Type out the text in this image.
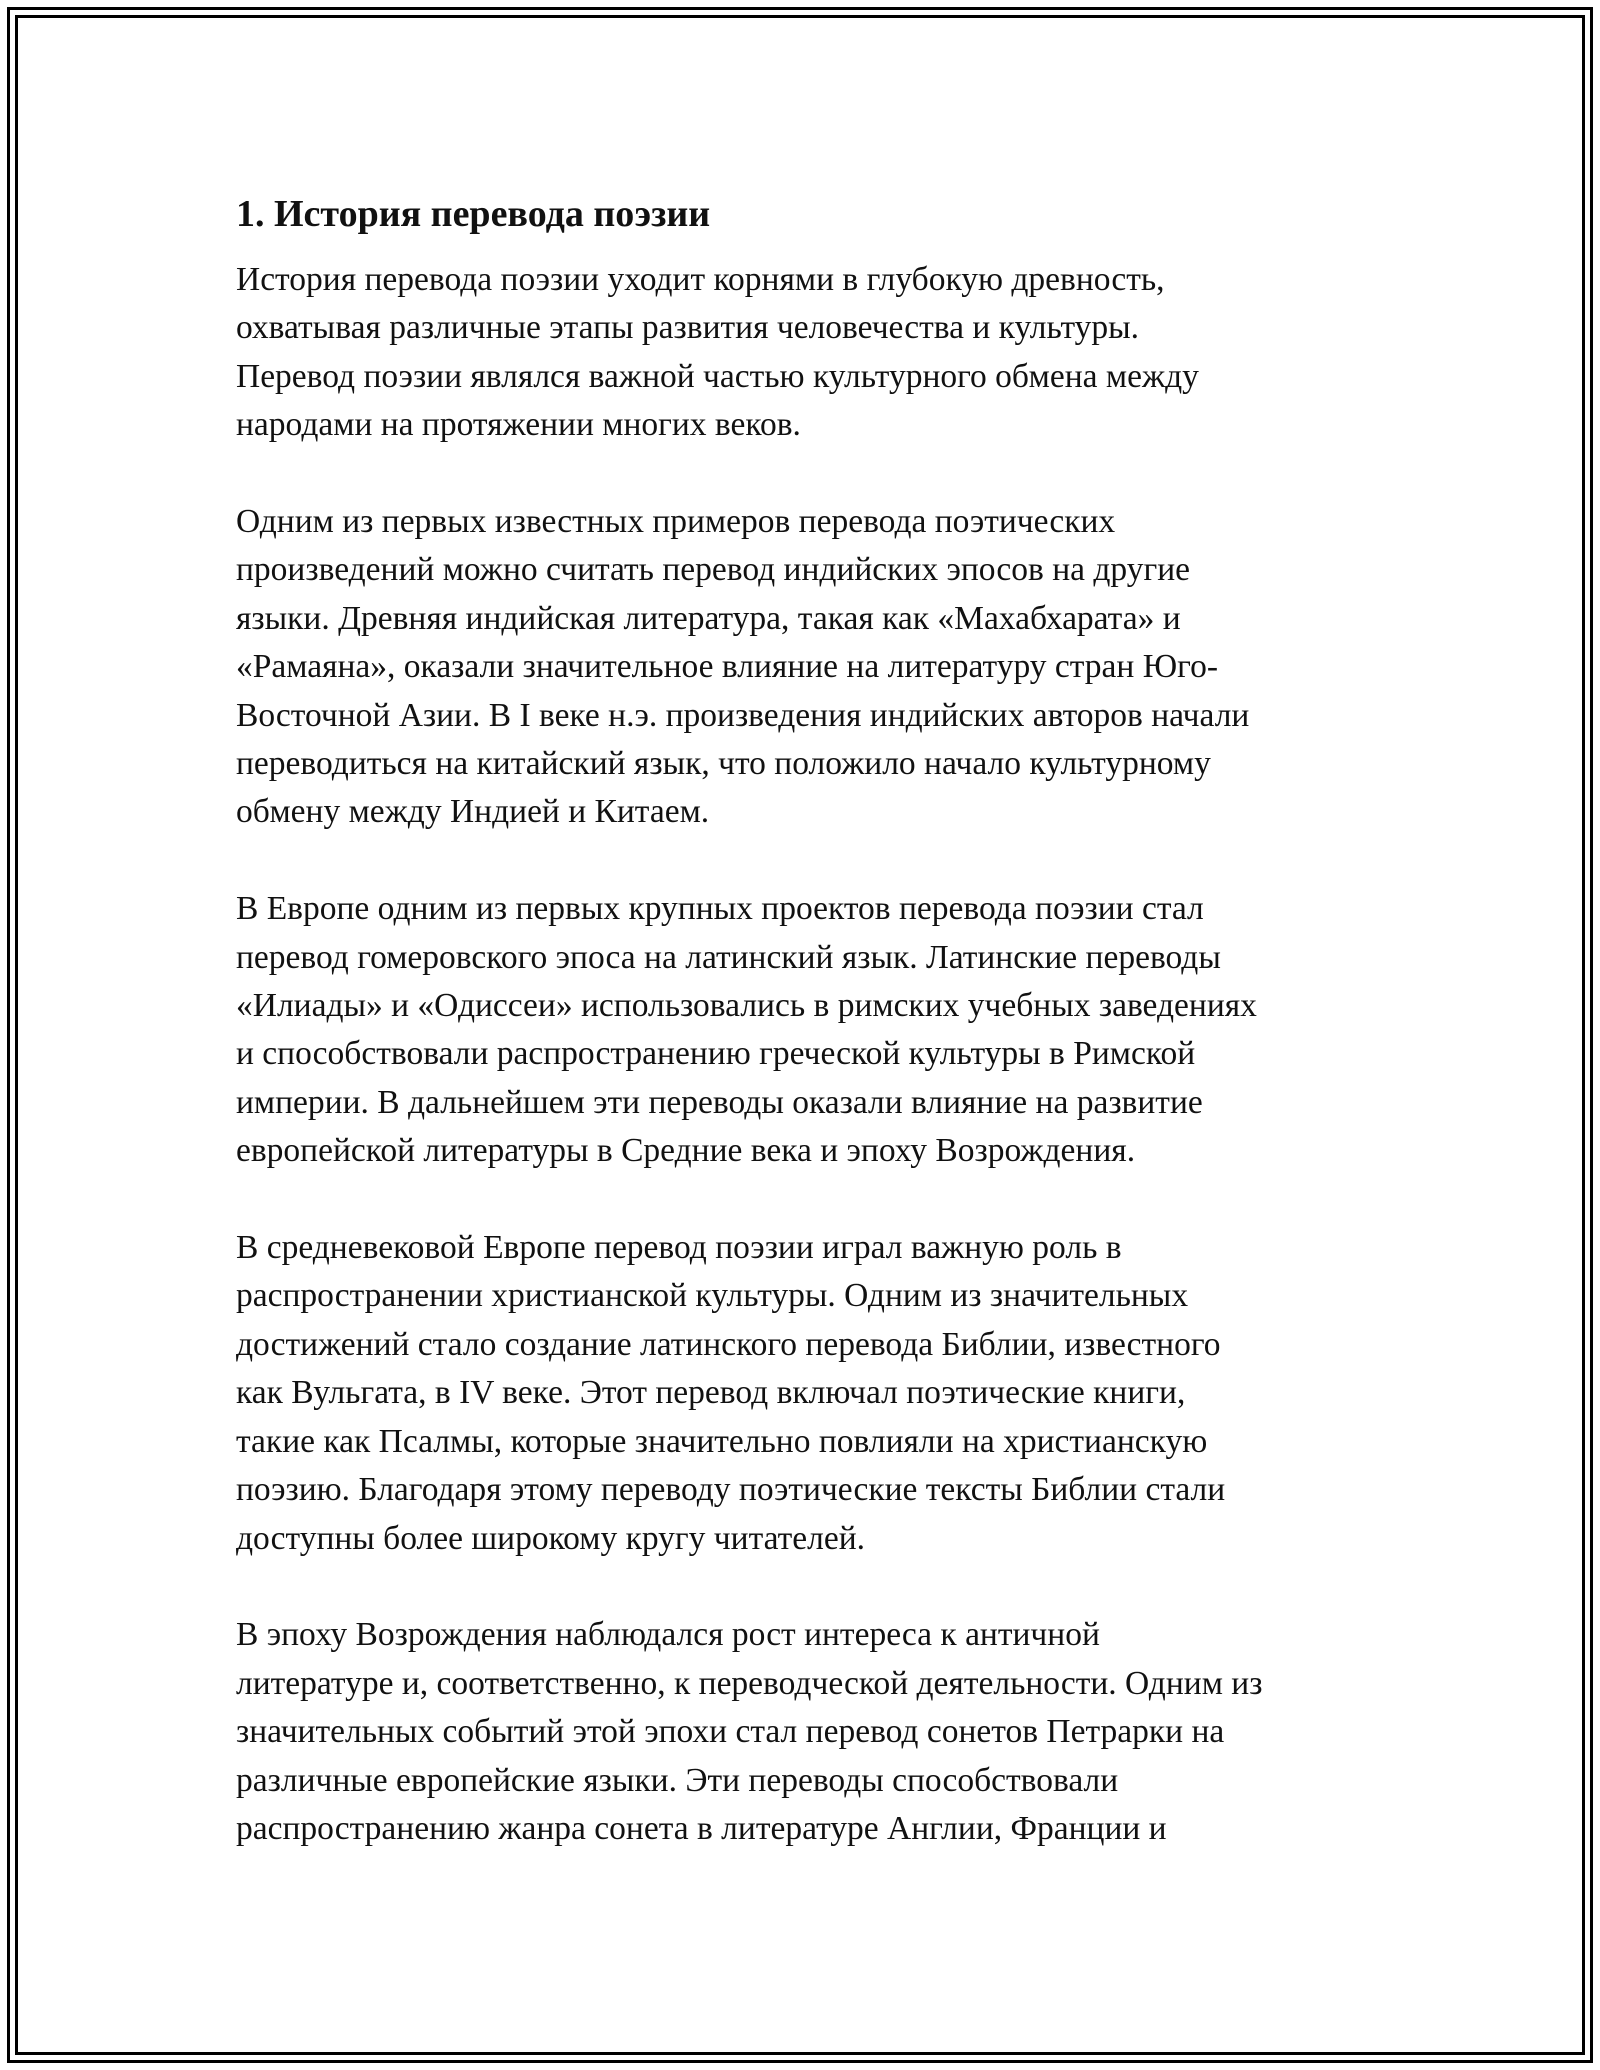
1. История перевода поэзии
История перевода поэзии уходит корнями в глубокую древность,
охватывая различные этапы развития человечества и культуры.
Перевод поэзии являлся важной частью культурного обмена между
народами на протяжении многих веков.
Одним из первых известных примеров перевода поэтических
произведений можно считать перевод индийских эпосов на другие
языки. Древняя индийская литература, такая как «Махабхарата» и
«Рамаяна», оказали значительное влияние на литературу стран Юго-
Восточной Азии. В I веке н.э. произведения индийских авторов начали
переводиться на китайский язык, что положило начало культурному
обмену между Индией и Китаем.
В Европе одним из первых крупных проектов перевода поэзии стал
перевод гомеровского эпоса на латинский язык. Латинские переводы
«Илиады» и «Одиссеи» использовались в римских учебных заведениях
и способствовали распространению греческой культуры в Римской
империи. В дальнейшем эти переводы оказали влияние на развитие
европейской литературы в Средние века и эпоху Возрождения.
В средневековой Европе перевод поэзии играл важную роль в
распространении христианской культуры. Одним из значительных
достижений стало создание латинского перевода Библии, известного
как Вульгата, в IV веке. Этот перевод включал поэтические книги,
такие как Псалмы, которые значительно повлияли на христианскую
поэзию. Благодаря этому переводу поэтические тексты Библии стали
доступны более широкому кругу читателей.
В эпоху Возрождения наблюдался рост интереса к античной
литературе и, соответственно, к переводческой деятельности. Одним из
значительных событий этой эпохи стал перевод сонетов Петрарки на
различные европейские языки. Эти переводы способствовали
распространению жанра сонета в литературе Англии, Франции и
